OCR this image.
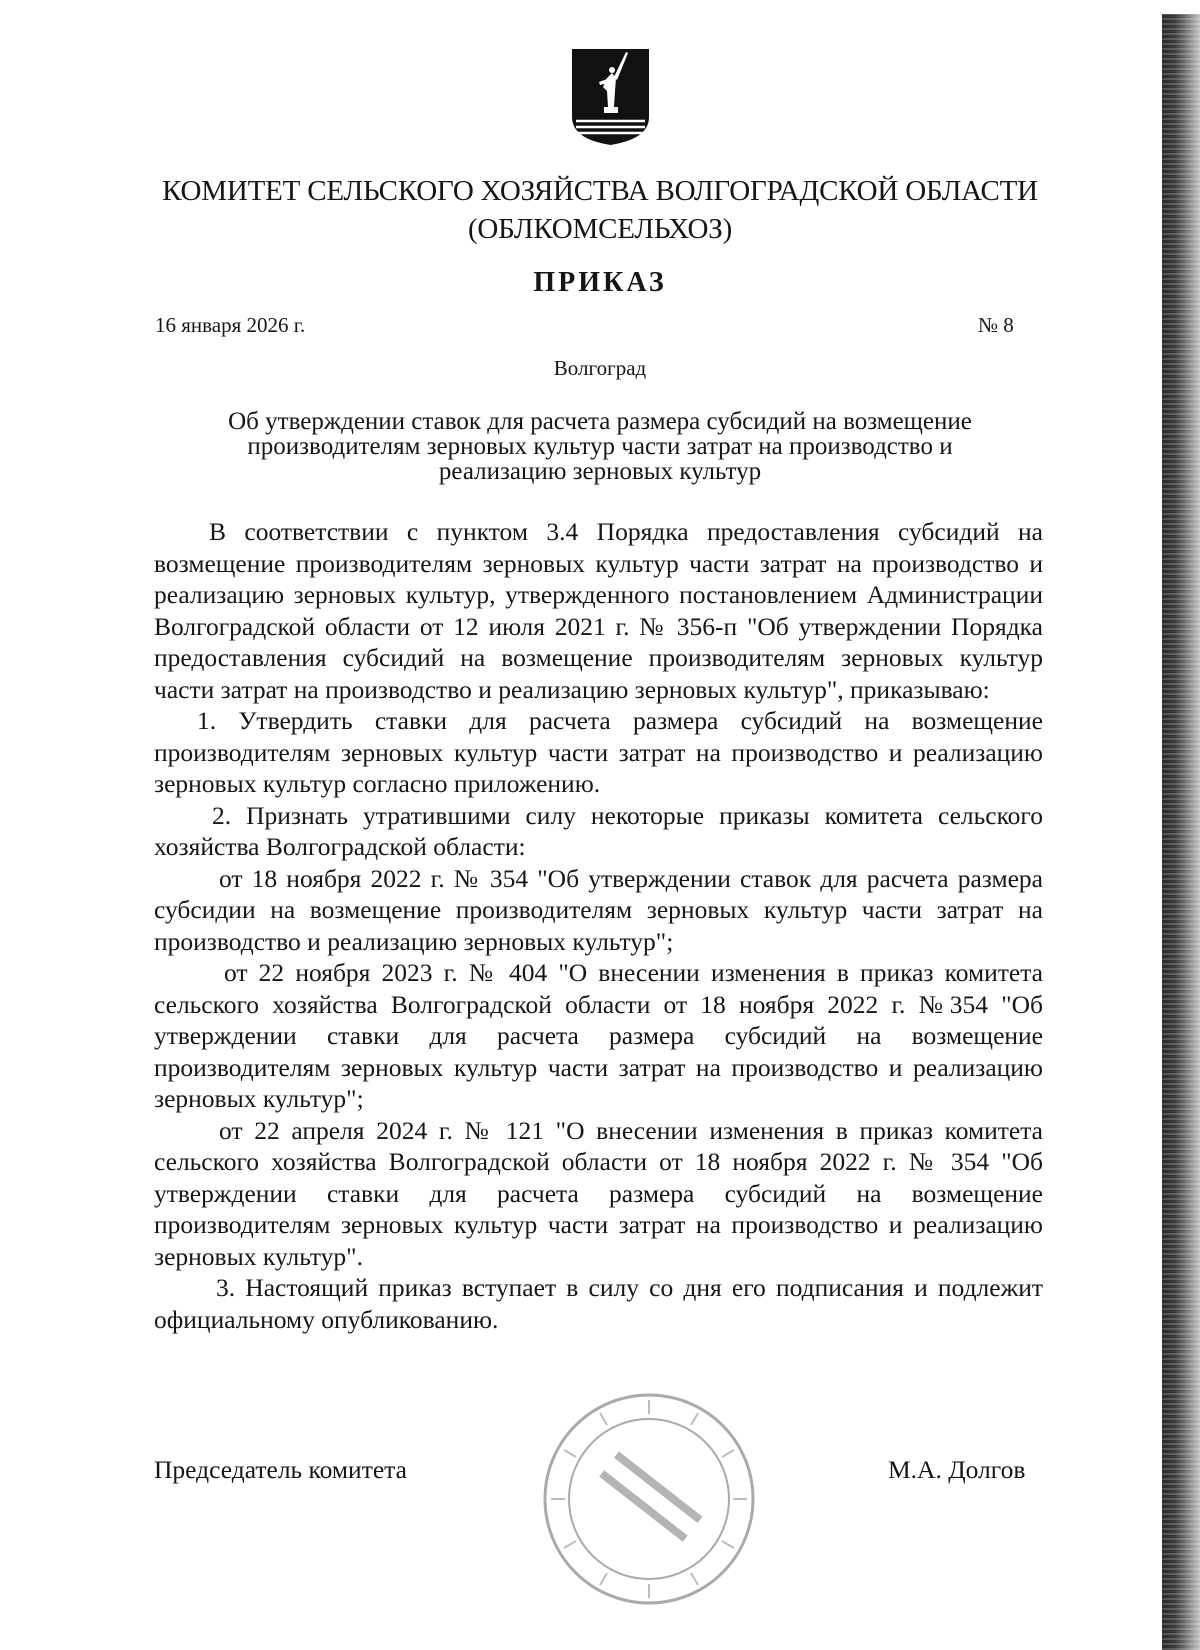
КОМИТЕТ СЕЛЬСКОГО ХОЗЯЙСТВА ВОЛГОГРАДСКОЙ ОБЛАСТИ
(ОБЛКОМСЕЛЬХОЗ)
ПРИКАЗ
16 января 2026 г.	№ 8
Волгоград
Об утверждении ставок для расчета размера субсидий на возмещение
производителям зерновых культур части затрат на производство и
реализацию зерновых культур

В соответствии с пунктом 3.4 Порядка предоставления субсидий на возмещение производителям зерновых культур части затрат на производство и реализацию зерновых культур, утвержденного постановлением Администрации Волгоградской области от 12 июля 2021 г. № 356-п "Об утверждении Порядка предоставления субсидий на возмещение производителям зерновых культур части затрат на производство и реализацию зерновых культур", приказываю:

1. Утвердить ставки для расчета размера субсидий на возмещение производителям зерновых культур части затрат на производство и реализацию зерновых культур согласно приложению.

2. Признать утратившими силу некоторые приказы комитета сельского хозяйства Волгоградской области:

от 18 ноября 2022 г. № 354 "Об утверждении ставок для расчета размера субсидии на возмещение производителям зерновых культур части затрат на производство и реализацию зерновых культур";

от 22 ноября 2023 г. № 404 "О внесении изменения в приказ комитета сельского хозяйства Волгоградской области от 18 ноября 2022 г. №354 "Об утверждении ставки для расчета размера субсидий на возмещение производителям зерновых культур части затрат на производство и реализацию зерновых культур";

от 22 апреля 2024 г. № 121 "О внесении изменения в приказ комитета сельского хозяйства Волгоградской области от 18 ноября 2022 г. № 354 "Об утверждении ставки для расчета размера субсидий на возмещение производителям зерновых культур части затрат на производство и реализацию зерновых культур".

3. Настоящий приказ вступает в силу со дня его подписания и подлежит официальному опубликованию.

Председатель комитета	М.А. Долгов
